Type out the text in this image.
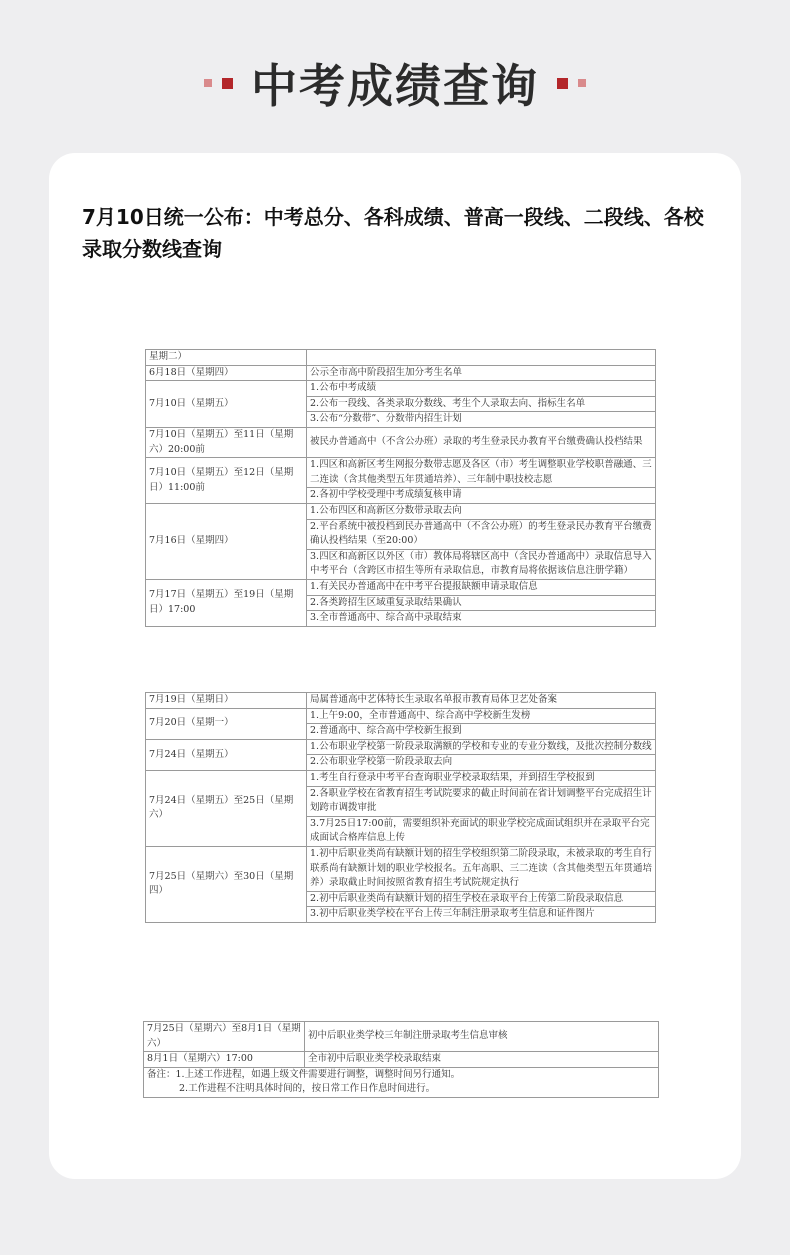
中考成绩查询

7月10日统一公布：中考总分、各科成绩、普高一段线、二段线、各校录取分数线查询

星期二）	
6月18日（星期四）	公示全市高中阶段招生加分考生名单
7月10日（星期五）	1.公布中考成绩
	2.公布一段线、各类录取分数线、考生个人录取去向、指标生名单
	3.公布“分数带”、分数带内招生计划
7月10日（星期五）至11日（星期六）20:00前	被民办普通高中（不含公办班）录取的考生登录民办教育平台缴费确认投档结果
7月10日（星期五）至12日（星期日）11:00前	1.四区和高新区考生网报分数带志愿及各区（市）考生调整职业学校职普融通、三二连读（含其他类型五年贯通培养）、三年制中职技校志愿
	2.各初中学校受理中考成绩复核申请
7月16日（星期四）	1.公布四区和高新区分数带录取去向
	2.平台系统中被投档到民办普通高中（不含公办班）的考生登录民办教育平台缴费确认投档结果（至20:00）
	3.四区和高新区以外区（市）教体局将辖区高中（含民办普通高中）录取信息导入中考平台（含跨区市招生等所有录取信息，市教育局将依据该信息注册学籍）
7月17日（星期五）至19日（星期日）17:00	1.有关民办普通高中在中考平台提报缺额申请录取信息
	2.各类跨招生区域重复录取结果确认
	3.全市普通高中、综合高中录取结束
7月19日（星期日）	局属普通高中艺体特长生录取名单报市教育局体卫艺处备案
7月20日（星期一）	1.上午9:00，全市普通高中、综合高中学校新生发榜
	2.普通高中、综合高中学校新生报到
7月24日（星期五）	1.公布职业学校第一阶段录取满额的学校和专业的专业分数线，及批次控制分数线
	2.公布职业学校第一阶段录取去向
7月24日（星期五）至25日（星期六）	1.考生自行登录中考平台查询职业学校录取结果，并到招生学校报到
	2.各职业学校在省教育招生考试院要求的截止时间前在省计划调整平台完成招生计划跨市调拨审批
	3.7月25日17:00前，需要组织补充面试的职业学校完成面试组织并在录取平台完成面试合格库信息上传
7月25日（星期六）至30日（星期四）	1.初中后职业类尚有缺额计划的招生学校组织第二阶段录取，未被录取的考生自行联系尚有缺额计划的职业学校报名。五年高职、三二连读（含其他类型五年贯通培养）录取截止时间按照省教育招生考试院规定执行
	2.初中后职业类尚有缺额计划的招生学校在录取平台上传第二阶段录取信息
	3.初中后职业类学校在平台上传三年制注册录取考生信息和证件图片
7月25日（星期六）至8月1日（星期六）	初中后职业类学校三年制注册录取考生信息审核
8月1日（星期六）17:00	全市初中后职业类学校录取结束

备注：1.上述工作进程，如遇上级文件需要进行调整，调整时间另行通知。
2.工作进程不注明具体时间的，按日常工作日作息时间进行。	
